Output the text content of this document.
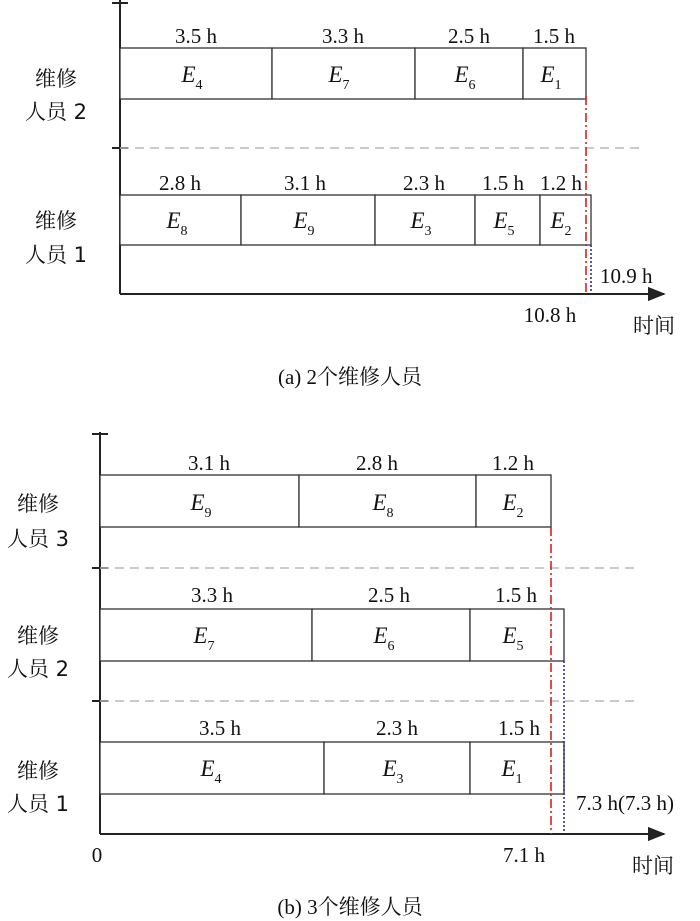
维修
人员 2
3.5 h	3.3 h	2.5 h 1.5 h
$E_4$	$E_7$	$E_6$	$E_1$
维修
人员 1
2.8 h	3.1 h	2.3 h 1.5 h 1.2 h
$E_8$	$E_9$	$E_3$	$E_5$ $E_2$
10.9 h
10.8 h	时间
(a) 2个维修人员
维修
人员 3
3.1 h	2.8 h	1.2 h
$E_9$	$E_8$	$E_2$
维修
人员 2
3.3 h	2.5 h	1.5 h
$E_7$	$E_6$	$E_5$
维修
人员 1
3.5 h	2.3 h	1.5 h
$E_4$	$E_3$	$E_1$
7.3 h(7.3 h)
0	7.1 h	时间
(b) 3个维修人员
